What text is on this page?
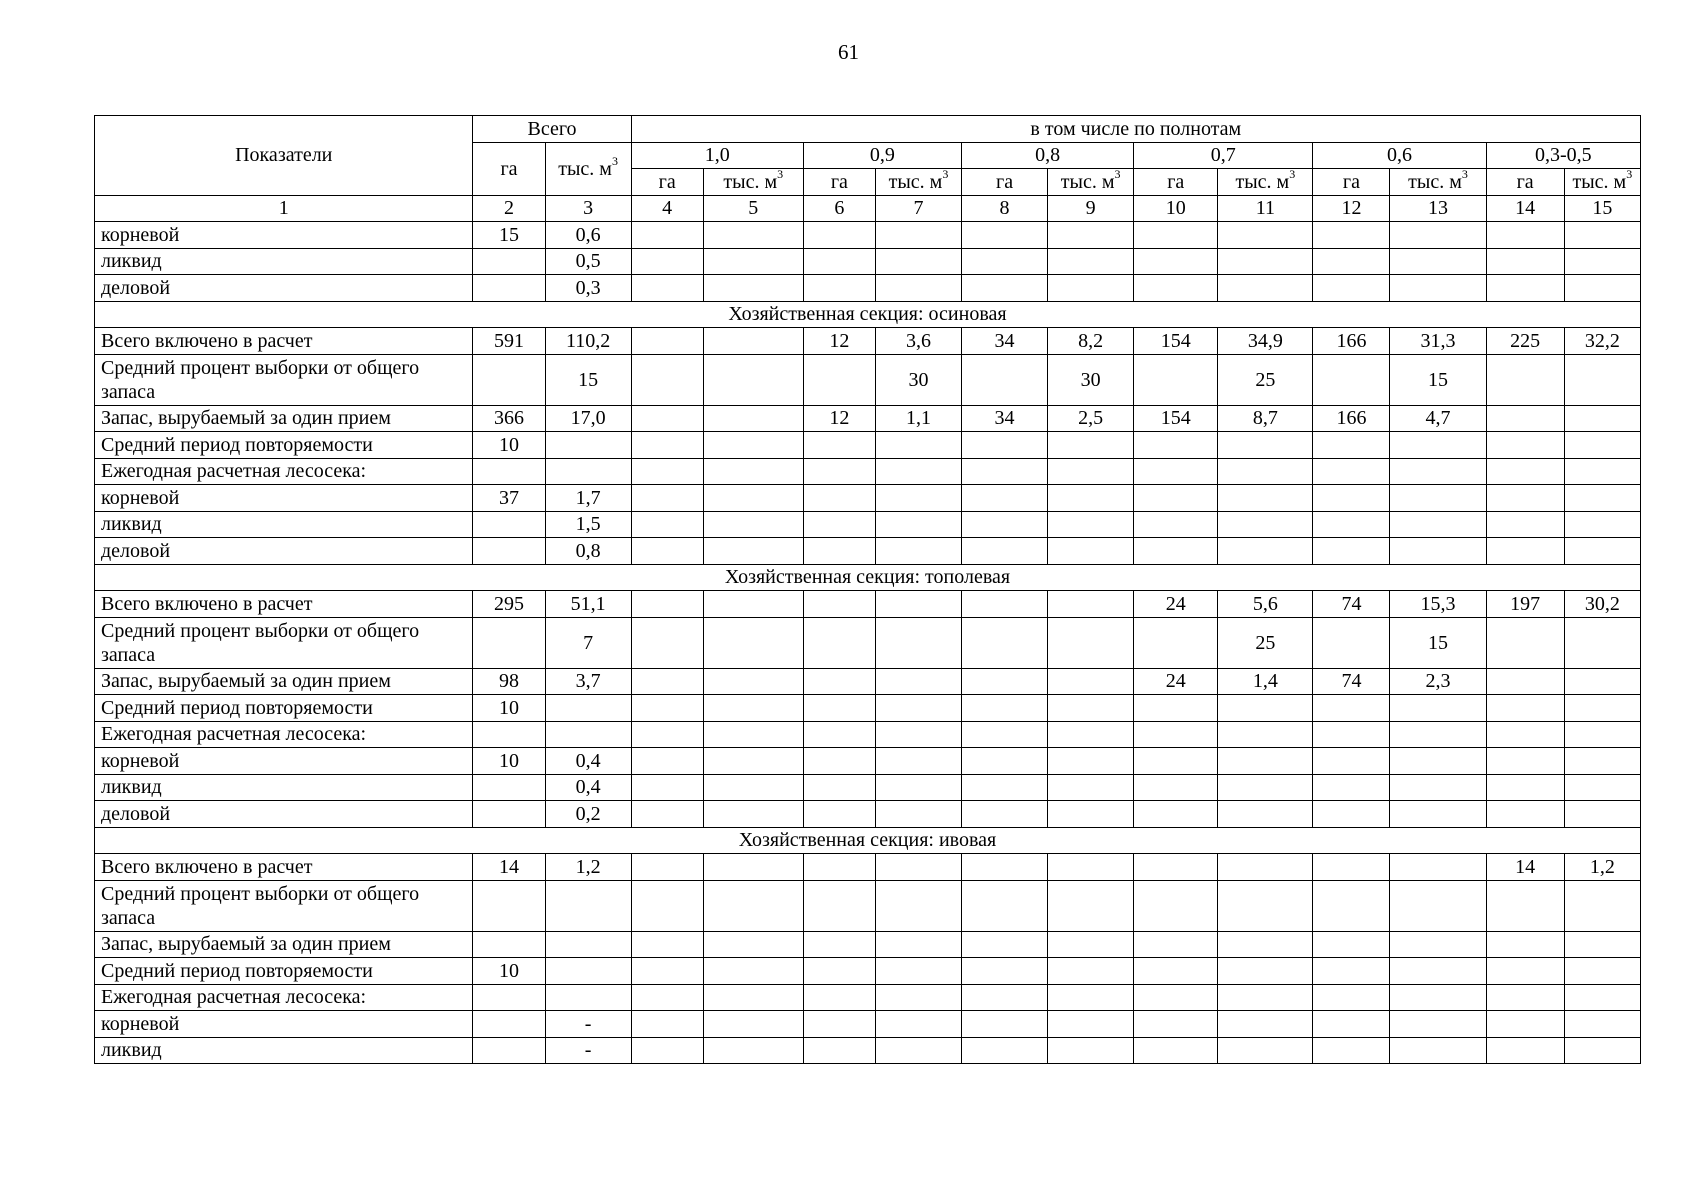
61
Показатели	Всего		в том числе по полнотам											
	га	тыс. $м^3$	1,0		0,9		0,8		0,7		0,6		0,3-0,5	
			га	тыс. $м^3$	га	тыс. $м^3$	га	тыс. $м^3$	га	тыс. $м^3$	га	тыс. $м^3$	га	тыс. $м^3$
1	2	3	4	5	6	7	8	9	10	11	12	13	14	15
корневой	15	0,6												
ликвид		0,5												
деловой		0,3												
Хозяйственная секция: осиновая														
Всего включено в расчет	591	110,2			12	3,6	34	8,2	154	34,9	166	31,3	225	32,2
Средний процент выборки от общего запаса		15				30		30		25		15		
Запас, вырубаемый за один прием	366	17,0			12	1,1	34	2,5	154	8,7	166	4,7		
Средний период повторяемости	10													
Ежегодная расчетная лесосека:														
корневой	37	1,7												
ликвид		1,5												
деловой		0,8												
Хозяйственная секция: тополевая														
Всего включено в расчет	295	51,1							24	5,6	74	15,3	197	30,2
Средний процент выборки от общего запаса		7								25		15		
Запас, вырубаемый за один прием	98	3,7							24	1,4	74	2,3		
Средний период повторяемости	10													
Ежегодная расчетная лесосека:														
корневой	10	0,4												
ликвид		0,4												
деловой		0,2												
Хозяйственная секция: ивовая														
Всего включено в расчет	14	1,2											14	1,2
Средний процент выборки от общего запаса														
Запас, вырубаемый за один прием														
Средний период повторяемости	10													
Ежегодная расчетная лесосека:														
корневой		-												
ликвид		-												
